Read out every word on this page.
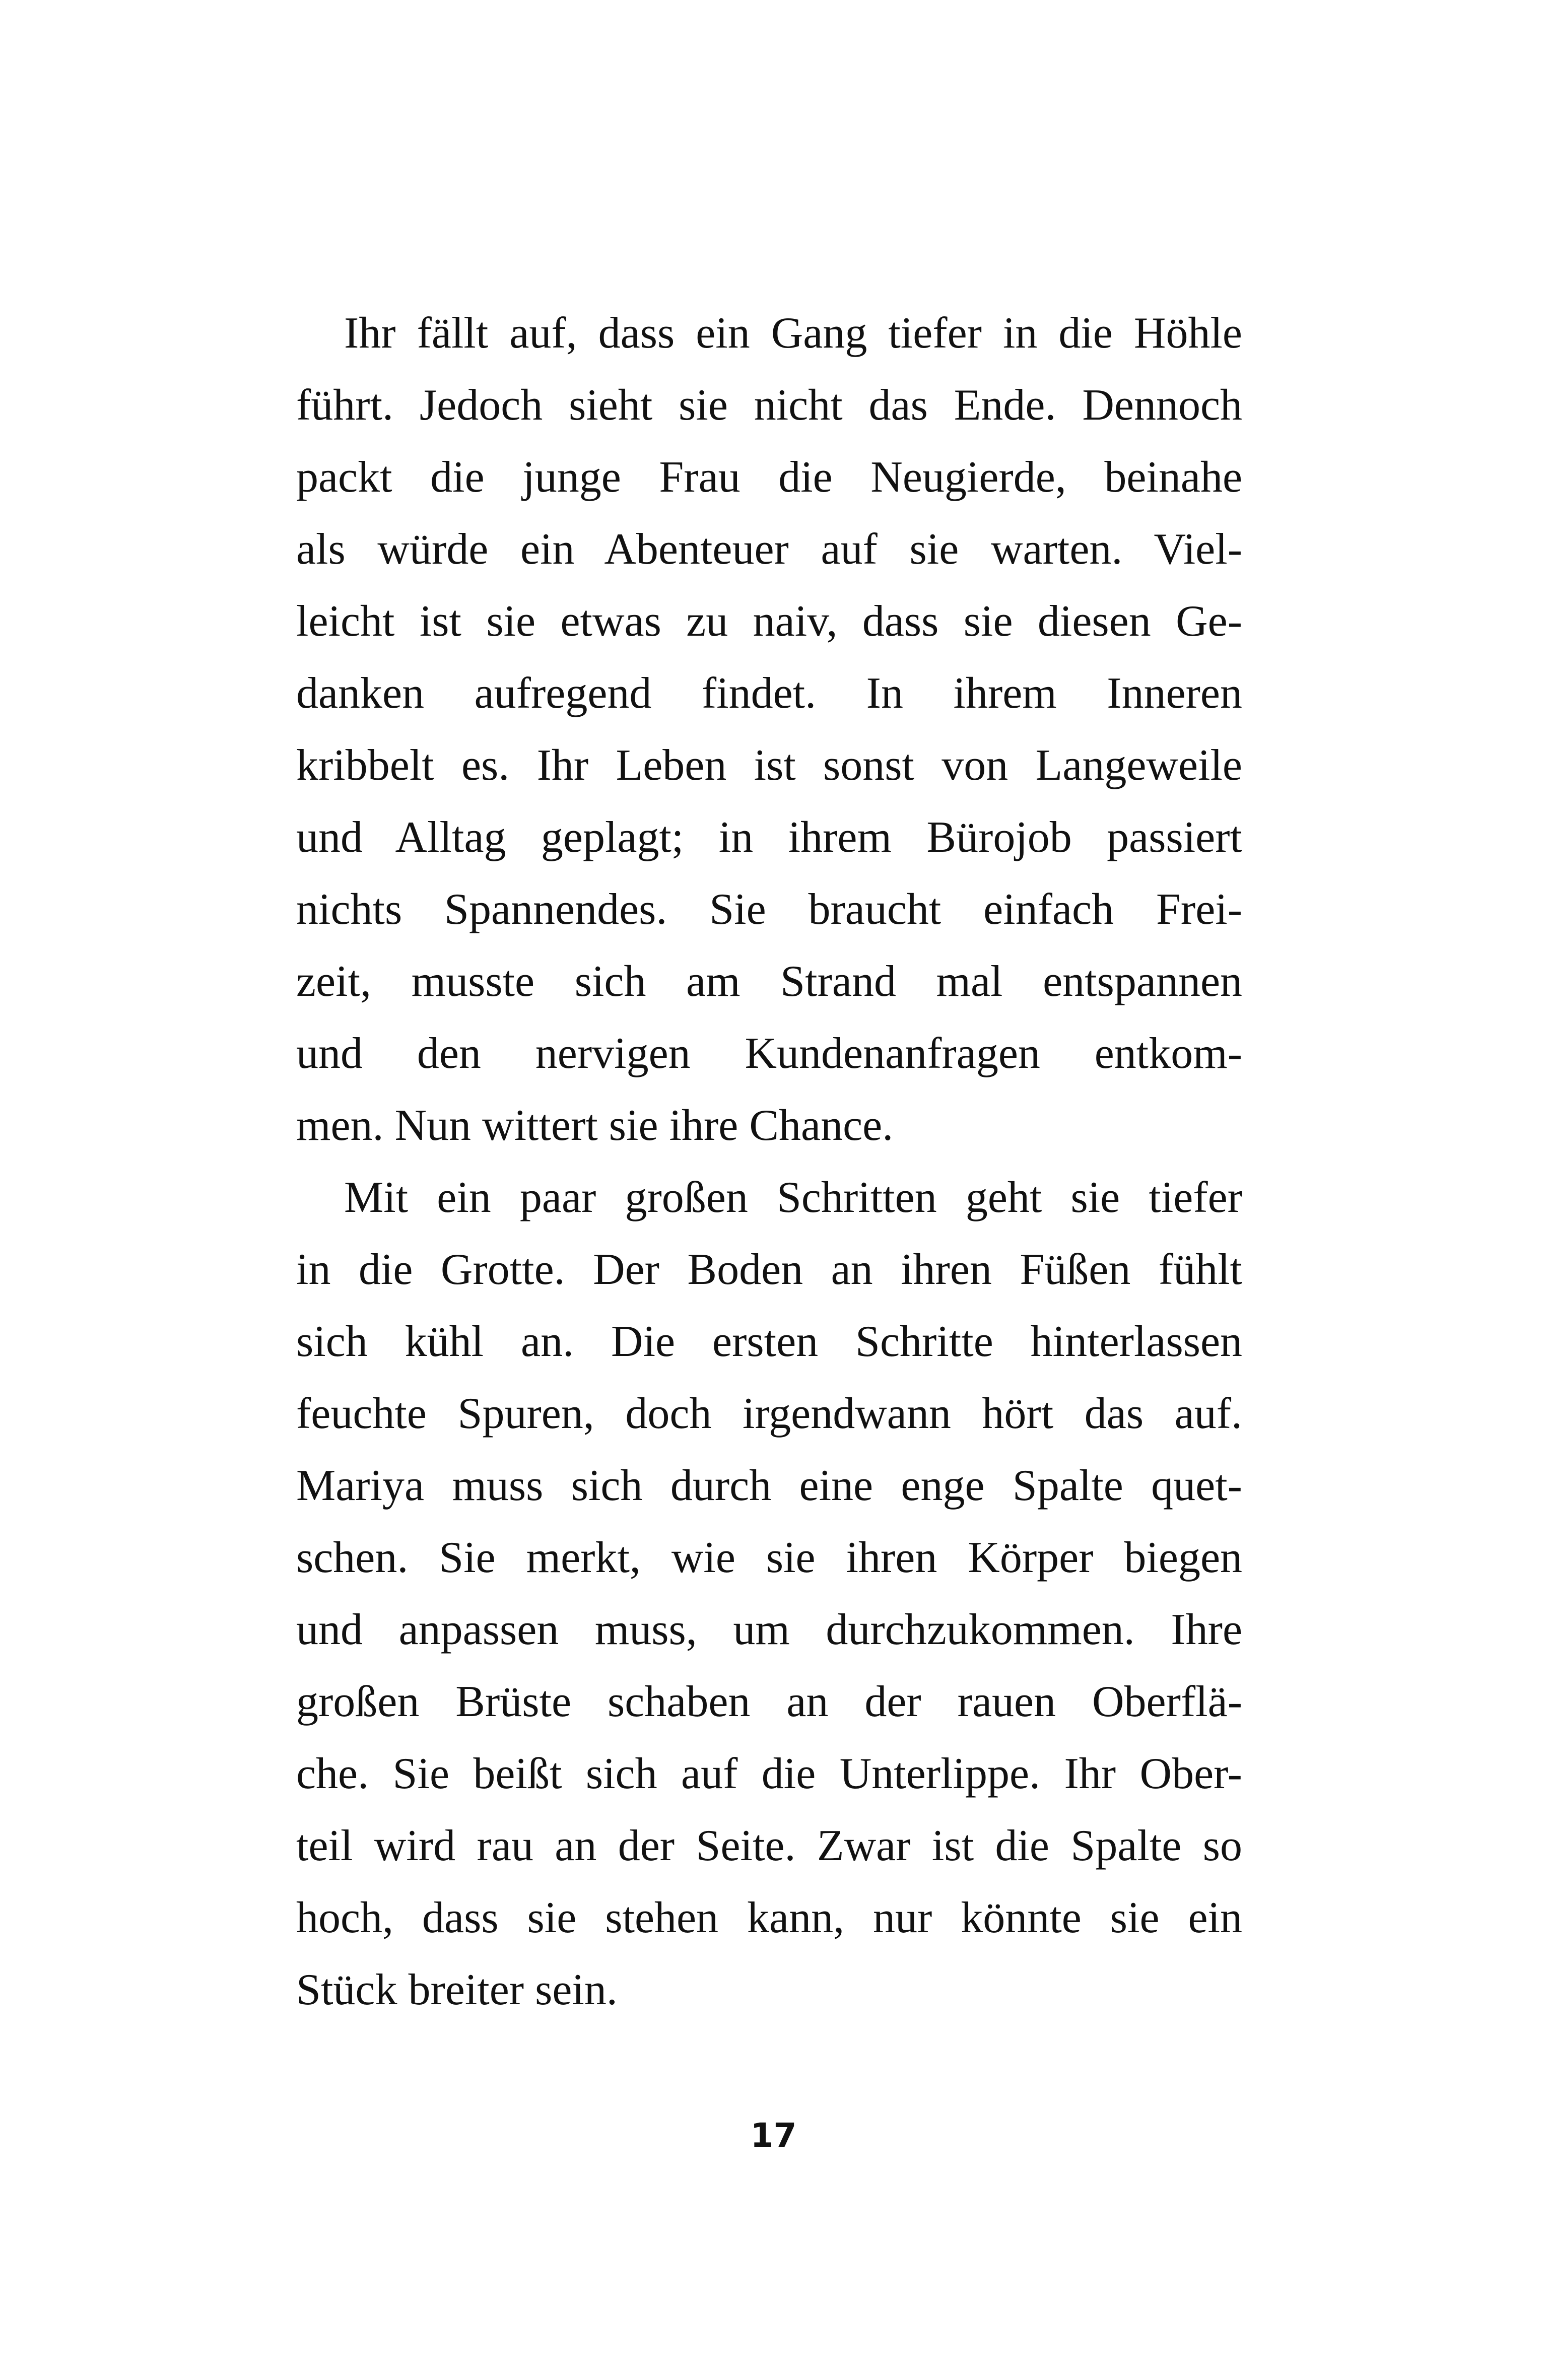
Ihr fällt auf, dass ein Gang tiefer in die Höhle
führt. Jedoch sieht sie nicht das Ende. Dennoch
packt die junge Frau die Neugierde, beinahe
als würde ein Abenteuer auf sie warten. Viel-
leicht ist sie etwas zu naiv, dass sie diesen Ge-
danken aufregend findet. In ihrem Inneren
kribbelt es. Ihr Leben ist sonst von Langeweile
und Alltag geplagt; in ihrem Bürojob passiert
nichts Spannendes. Sie braucht einfach Frei-
zeit, musste sich am Strand mal entspannen
und den nervigen Kundenanfragen entkom-
men. Nun wittert sie ihre Chance.

Mit ein paar großen Schritten geht sie tiefer
in die Grotte. Der Boden an ihren Füßen fühlt
sich kühl an. Die ersten Schritte hinterlassen
feuchte Spuren, doch irgendwann hört das auf.
Mariya muss sich durch eine enge Spalte quet-
schen. Sie merkt, wie sie ihren Körper biegen
und anpassen muss, um durchzukommen. Ihre
großen Brüste schaben an der rauen Oberflä-
che. Sie beißt sich auf die Unterlippe. Ihr Ober-
teil wird rau an der Seite. Zwar ist die Spalte so
hoch, dass sie stehen kann, nur könnte sie ein
Stück breiter sein.

17
